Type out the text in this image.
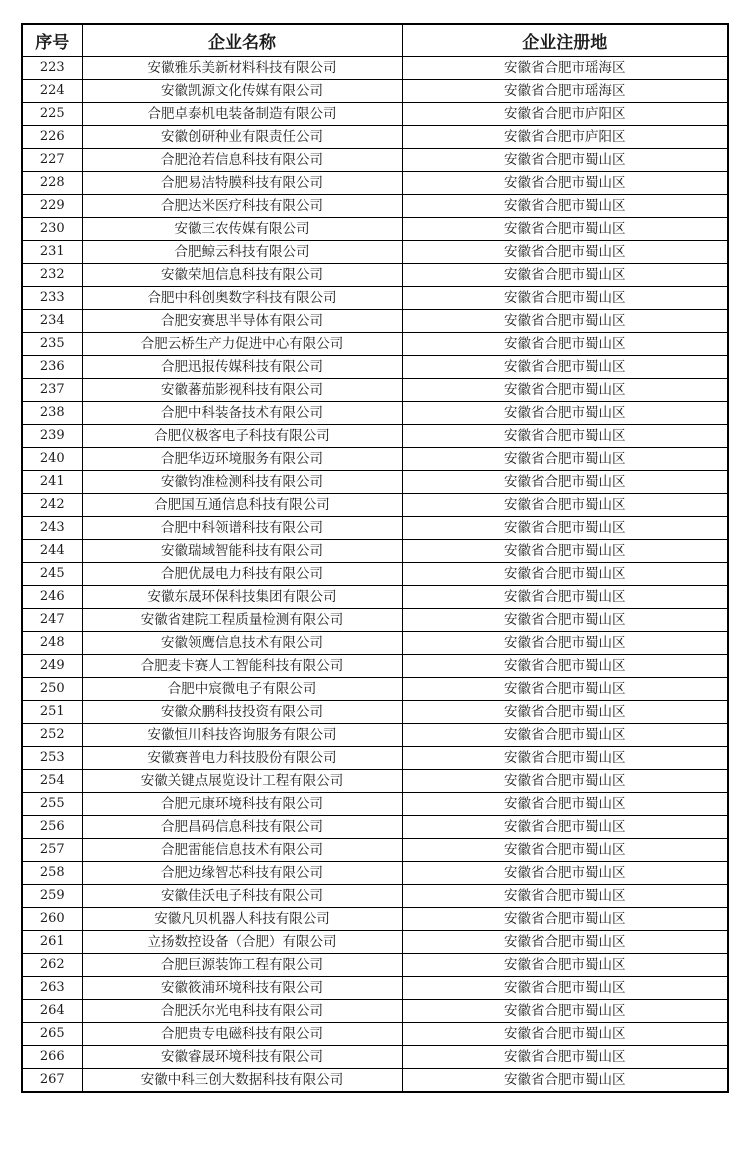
序号	企业名称	企业注册地
223	安徽雅乐美新材料科技有限公司	安徽省合肥市瑶海区
224	安徽凯源文化传媒有限公司	安徽省合肥市瑶海区
225	合肥卓泰机电装备制造有限公司	安徽省合肥市庐阳区
226	安徽创研种业有限责任公司	安徽省合肥市庐阳区
227	合肥沧若信息科技有限公司	安徽省合肥市蜀山区
228	合肥易洁特膜科技有限公司	安徽省合肥市蜀山区
229	合肥达米医疗科技有限公司	安徽省合肥市蜀山区
230	安徽三农传媒有限公司	安徽省合肥市蜀山区
231	合肥鲸云科技有限公司	安徽省合肥市蜀山区
232	安徽荣旭信息科技有限公司	安徽省合肥市蜀山区
233	合肥中科创奥数字科技有限公司	安徽省合肥市蜀山区
234	合肥安赛思半导体有限公司	安徽省合肥市蜀山区
235	合肥云桥生产力促进中心有限公司	安徽省合肥市蜀山区
236	合肥迅报传媒科技有限公司	安徽省合肥市蜀山区
237	安徽蕃茄影视科技有限公司	安徽省合肥市蜀山区
238	合肥中科装备技术有限公司	安徽省合肥市蜀山区
239	合肥仪极客电子科技有限公司	安徽省合肥市蜀山区
240	合肥华迈环境服务有限公司	安徽省合肥市蜀山区
241	安徽钧准检测科技有限公司	安徽省合肥市蜀山区
242	合肥国互通信息科技有限公司	安徽省合肥市蜀山区
243	合肥中科领谱科技有限公司	安徽省合肥市蜀山区
244	安徽瑞域智能科技有限公司	安徽省合肥市蜀山区
245	合肥优晟电力科技有限公司	安徽省合肥市蜀山区
246	安徽东晟环保科技集团有限公司	安徽省合肥市蜀山区
247	安徽省建院工程质量检测有限公司	安徽省合肥市蜀山区
248	安徽领鹰信息技术有限公司	安徽省合肥市蜀山区
249	合肥麦卡赛人工智能科技有限公司	安徽省合肥市蜀山区
250	合肥中宸微电子有限公司	安徽省合肥市蜀山区
251	安徽众鹏科技投资有限公司	安徽省合肥市蜀山区
252	安徽恒川科技咨询服务有限公司	安徽省合肥市蜀山区
253	安徽赛普电力科技股份有限公司	安徽省合肥市蜀山区
254	安徽关键点展览设计工程有限公司	安徽省合肥市蜀山区
255	合肥元康环境科技有限公司	安徽省合肥市蜀山区
256	合肥昌码信息科技有限公司	安徽省合肥市蜀山区
257	合肥雷能信息技术有限公司	安徽省合肥市蜀山区
258	合肥边缘智芯科技有限公司	安徽省合肥市蜀山区
259	安徽佳沃电子科技有限公司	安徽省合肥市蜀山区
260	安徽凡贝机器人科技有限公司	安徽省合肥市蜀山区
261	立扬数控设备（合肥）有限公司	安徽省合肥市蜀山区
262	合肥巨源装饰工程有限公司	安徽省合肥市蜀山区
263	安徽筱浦环境科技有限公司	安徽省合肥市蜀山区
264	合肥沃尔光电科技有限公司	安徽省合肥市蜀山区
265	合肥贵专电磁科技有限公司	安徽省合肥市蜀山区
266	安徽睿晟环境科技有限公司	安徽省合肥市蜀山区
267	安徽中科三创大数据科技有限公司	安徽省合肥市蜀山区
